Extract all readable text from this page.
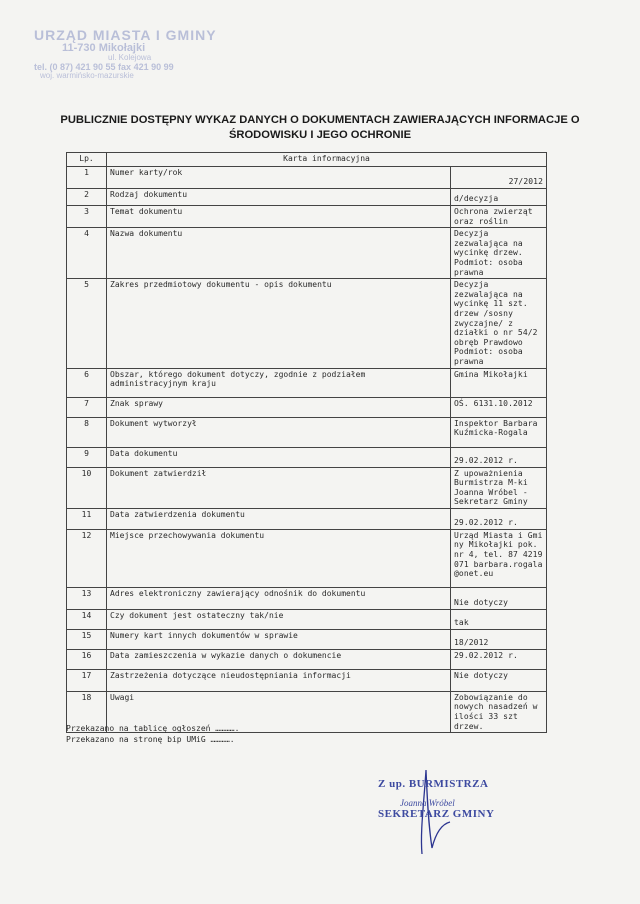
URZĄD MIASTA I GMINY
11-730 Mikołajki
ul. Kolejowa
tel. (0 87) 421 90 55 fax 421 90 99
woj. warmińsko-mazurskie
PUBLICZNIE DOSTĘPNY WYKAZ DANYCH O DOKUMENTACH ZAWIERAJĄCYCH INFORMACJE O
ŚRODOWISKU I JEGO OCHRONIE
Lp.	Karta informacyjna	
1	Numer karty/rok	27/2012
2	Rodzaj dokumentu	d/decyzja
3	Temat dokumentu	Ochrona zwierząt oraz roślin
4	Nazwa dokumentu	Decyzja zezwalająca na wycinkę drzew. Podmiot: osoba prawna
5	Zakres przedmiotowy dokumentu - opis dokumentu	Decyzja zezwalająca na wycinkę 11 szt. drzew /sosny zwyczajne/ z działki o nr 54/2 obręb Prawdowo Podmiot: osoba prawna
6	Obszar, którego dokument dotyczy, zgodnie z podziałem administracyjnym kraju	Gmina Mikołajki
7	Znak sprawy	OŚ. 6131.10.2012
8	Dokument wytworzył	Inspektor Barbara Kuźmicka-Rogala
9	Data dokumentu	29.02.2012 r.
10	Dokument zatwierdził	Z upoważnienia Burmistrza M-ki Joanna Wróbel - Sekretarz Gminy
11	Data zatwierdzenia dokumentu	29.02.2012 r.
12	Miejsce przechowywania dokumentu	Urząd Miasta i Gminy Mikołajki pok. nr 4, tel. 87 4219 071 barbara.rogala@onet.eu
13	Adres elektroniczny zawierający odnośnik do dokumentu	Nie dotyczy
14	Czy dokument jest ostateczny tak/nie	tak
15	Numery kart innych dokumentów w sprawie	18/2012
16	Data zamieszczenia w wykazie danych o dokumencie	29.02.2012 r.
17	Zastrzeżenia dotyczące nieudostępniania informacji	Nie dotyczy
18	Uwagi	Zobowiązanie do nowych nasadzeń w ilości 33 szt drzew.
Przekazano na tablicę ogłoszeń ………….
Przekazano na stronę bip UMiG ………….
Z up. BURMISTRZA
Joanna Wróbel
SEKRETARZ GMINY
